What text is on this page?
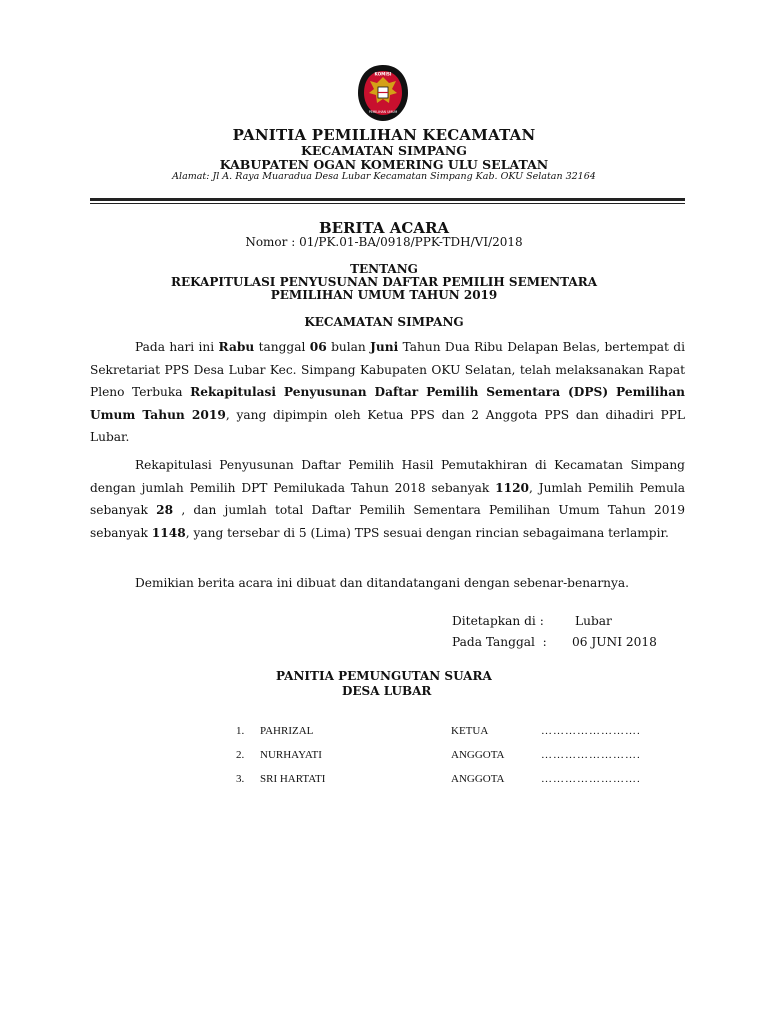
KOMISI
PEMILIHAN UMUM
PANITIA PEMILIHAN KECAMATAN
KECAMATAN SIMPANG
KABUPATEN OGAN KOMERING ULU SELATAN
Alamat: Jl A. Raya Muaradua Desa Lubar Kecamatan Simpang Kab. OKU Selatan 32164
BERITA ACARA
Nomor : 01/PK.01-BA/0918/PPK-TDH/VI/2018
TENTANG
REKAPITULASI PENYUSUNAN DAFTAR PEMILIH SEMENTARA
PEMILIHAN UMUM TAHUN 2019
KECAMATAN SIMPANG
Pada hari ini Rabu tanggal 06 bulan Juni Tahun Dua Ribu Delapan Belas, bertempat di Sekretariat PPS Desa Lubar Kec. Simpang Kabupaten OKU Selatan, telah melaksanakan Rapat Pleno Terbuka Rekapitulasi Penyusunan Daftar Pemilih Sementara (DPS) Pemilihan Umum Tahun 2019, yang dipimpin oleh Ketua PPS dan 2 Anggota PPS dan dihadiri PPL Lubar.
Rekapitulasi Penyusunan Daftar Pemilih Hasil Pemutakhiran di Kecamatan Simpang dengan jumlah Pemilih DPT Pemilukada Tahun 2018 sebanyak 1120, Jumlah Pemilih Pemula sebanyak 28 , dan jumlah total Daftar Pemilih Sementara Pemilihan Umum Tahun 2019 sebanyak 1148, yang tersebar di 5 (Lima) TPS sesuai dengan rincian sebagaimana terlampir.
Demikian berita acara ini dibuat dan ditandatangani dengan sebenar-benarnya.
Ditetapkan di :	Lubar
Pada Tanggal  : 06 JUNI 2018
PANITIA PEMUNGUTAN SUARA
DESA LUBAR
1. PAHRIZAL	KETUA	…………………….
2. NURHAYATI	ANGGOTA	…………………….
3. SRI HARTATI	ANGGOTA	…………………….
